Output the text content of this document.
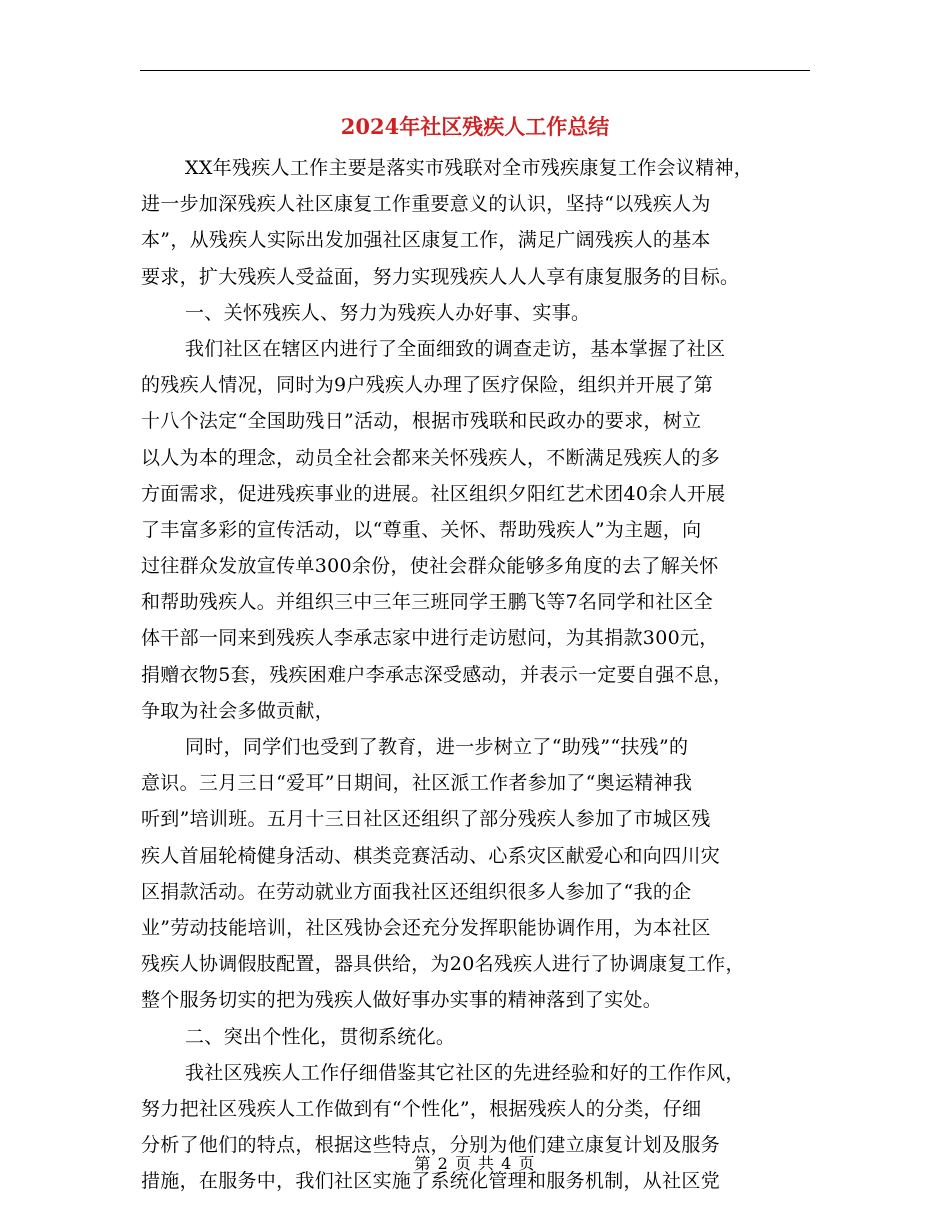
2024年社区残疾人工作总结
XX年残疾人工作主要是落实市残联对全市残疾康复工作会议精神，
进一步加深残疾人社区康复工作重要意义的认识，坚持“以残疾人为
本”，从残疾人实际出发加强社区康复工作，满足广阔残疾人的基本
要求，扩大残疾人受益面，努力实现残疾人人人享有康复服务的目标。
一、关怀残疾人、努力为残疾人办好事、实事。
我们社区在辖区内进行了全面细致的调查走访，基本掌握了社区
的残疾人情况，同时为9户残疾人办理了医疗保险，组织并开展了第
十八个法定“全国助残日”活动，根据市残联和民政办的要求，树立
以人为本的理念，动员全社会都来关怀残疾人，不断满足残疾人的多
方面需求，促进残疾事业的进展。社区组织夕阳红艺术团40余人开展
了丰富多彩的宣传活动，以“尊重、关怀、帮助残疾人”为主题，向
过往群众发放宣传单300余份，使社会群众能够多角度的去了解关怀
和帮助残疾人。并组织三中三年三班同学王鹏飞等7名同学和社区全
体干部一同来到残疾人李承志家中进行走访慰问，为其捐款300元，
捐赠衣物5套，残疾困难户李承志深受感动，并表示一定要自强不息，
争取为社会多做贡献，
同时，同学们也受到了教育，进一步树立了“助残”“扶残”的
意识。三月三日“爱耳”日期间，社区派工作者参加了“奥运精神我
听到”培训班。五月十三日社区还组织了部分残疾人参加了市城区残
疾人首届轮椅健身活动、棋类竞赛活动、心系灾区献爱心和向四川灾
区捐款活动。在劳动就业方面我社区还组织很多人参加了“我的企
业”劳动技能培训，社区残协会还充分发挥职能协调作用，为本社区
残疾人协调假肢配置，器具供给，为20名残疾人进行了协调康复工作，
整个服务切实的把为残疾人做好事办实事的精神落到了实处。
二、突出个性化，贯彻系统化。
我社区残疾人工作仔细借鉴其它社区的先进经验和好的工作作风，
努力把社区残疾人工作做到有“个性化”，根据残疾人的分类，仔细
分析了他们的特点，根据这些特点，分别为他们建立康复计划及服务
措施，在服务中，我们社区实施了系统化管理和服务机制，从社区党
第 2 页 共 4 页
